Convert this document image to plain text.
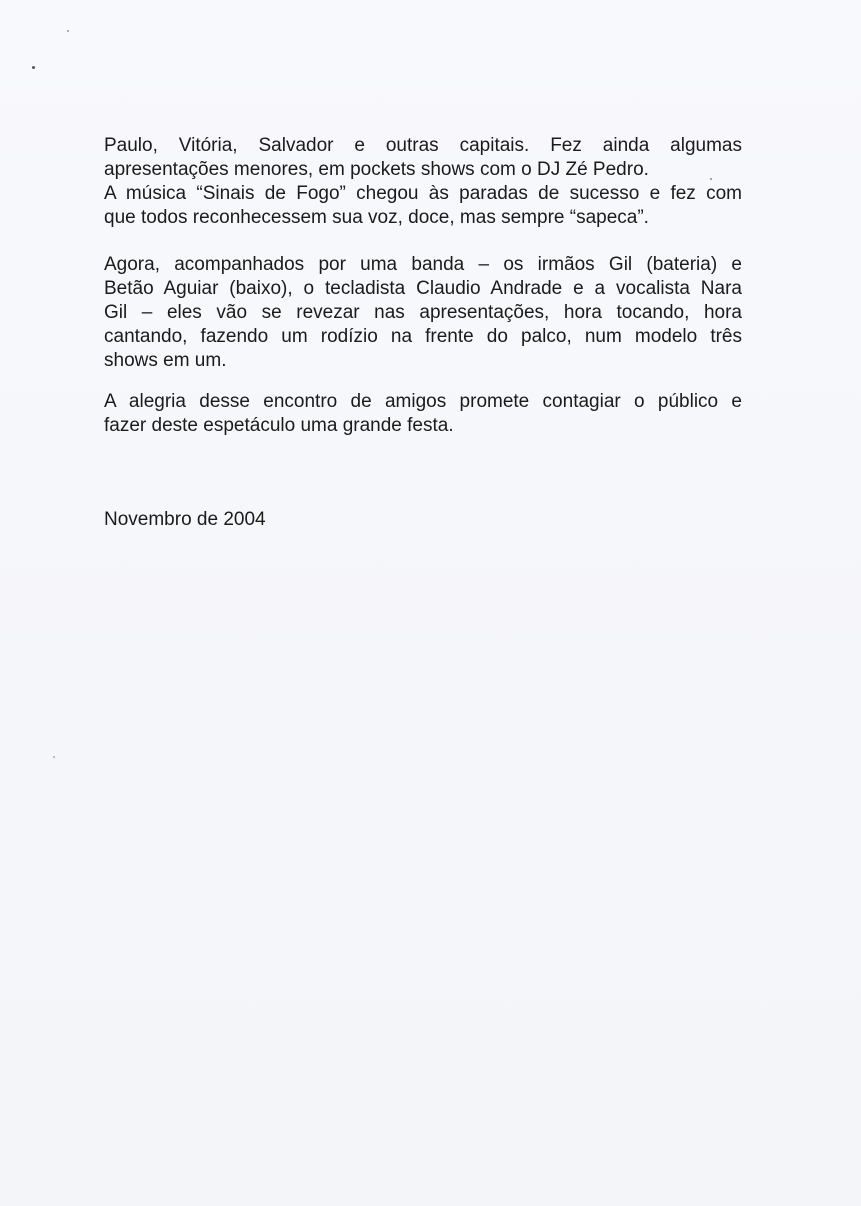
Paulo, Vitória, Salvador e outras capitais. Fez ainda algumas
apresentações menores, em pockets shows com o DJ Zé Pedro.
A música “Sinais de Fogo” chegou às paradas de sucesso e fez com
que todos reconhecessem sua voz, doce, mas sempre “sapeca”.

Agora, acompanhados por uma banda – os irmãos Gil (bateria) e
Betão Aguiar (baixo), o tecladista Claudio Andrade e a vocalista Nara
Gil – eles vão se revezar nas apresentações, hora tocando, hora
cantando, fazendo um rodízio na frente do palco, num modelo três
shows em um.

A alegria desse encontro de amigos promete contagiar o público e
fazer deste espetáculo uma grande festa.

Novembro de 2004
